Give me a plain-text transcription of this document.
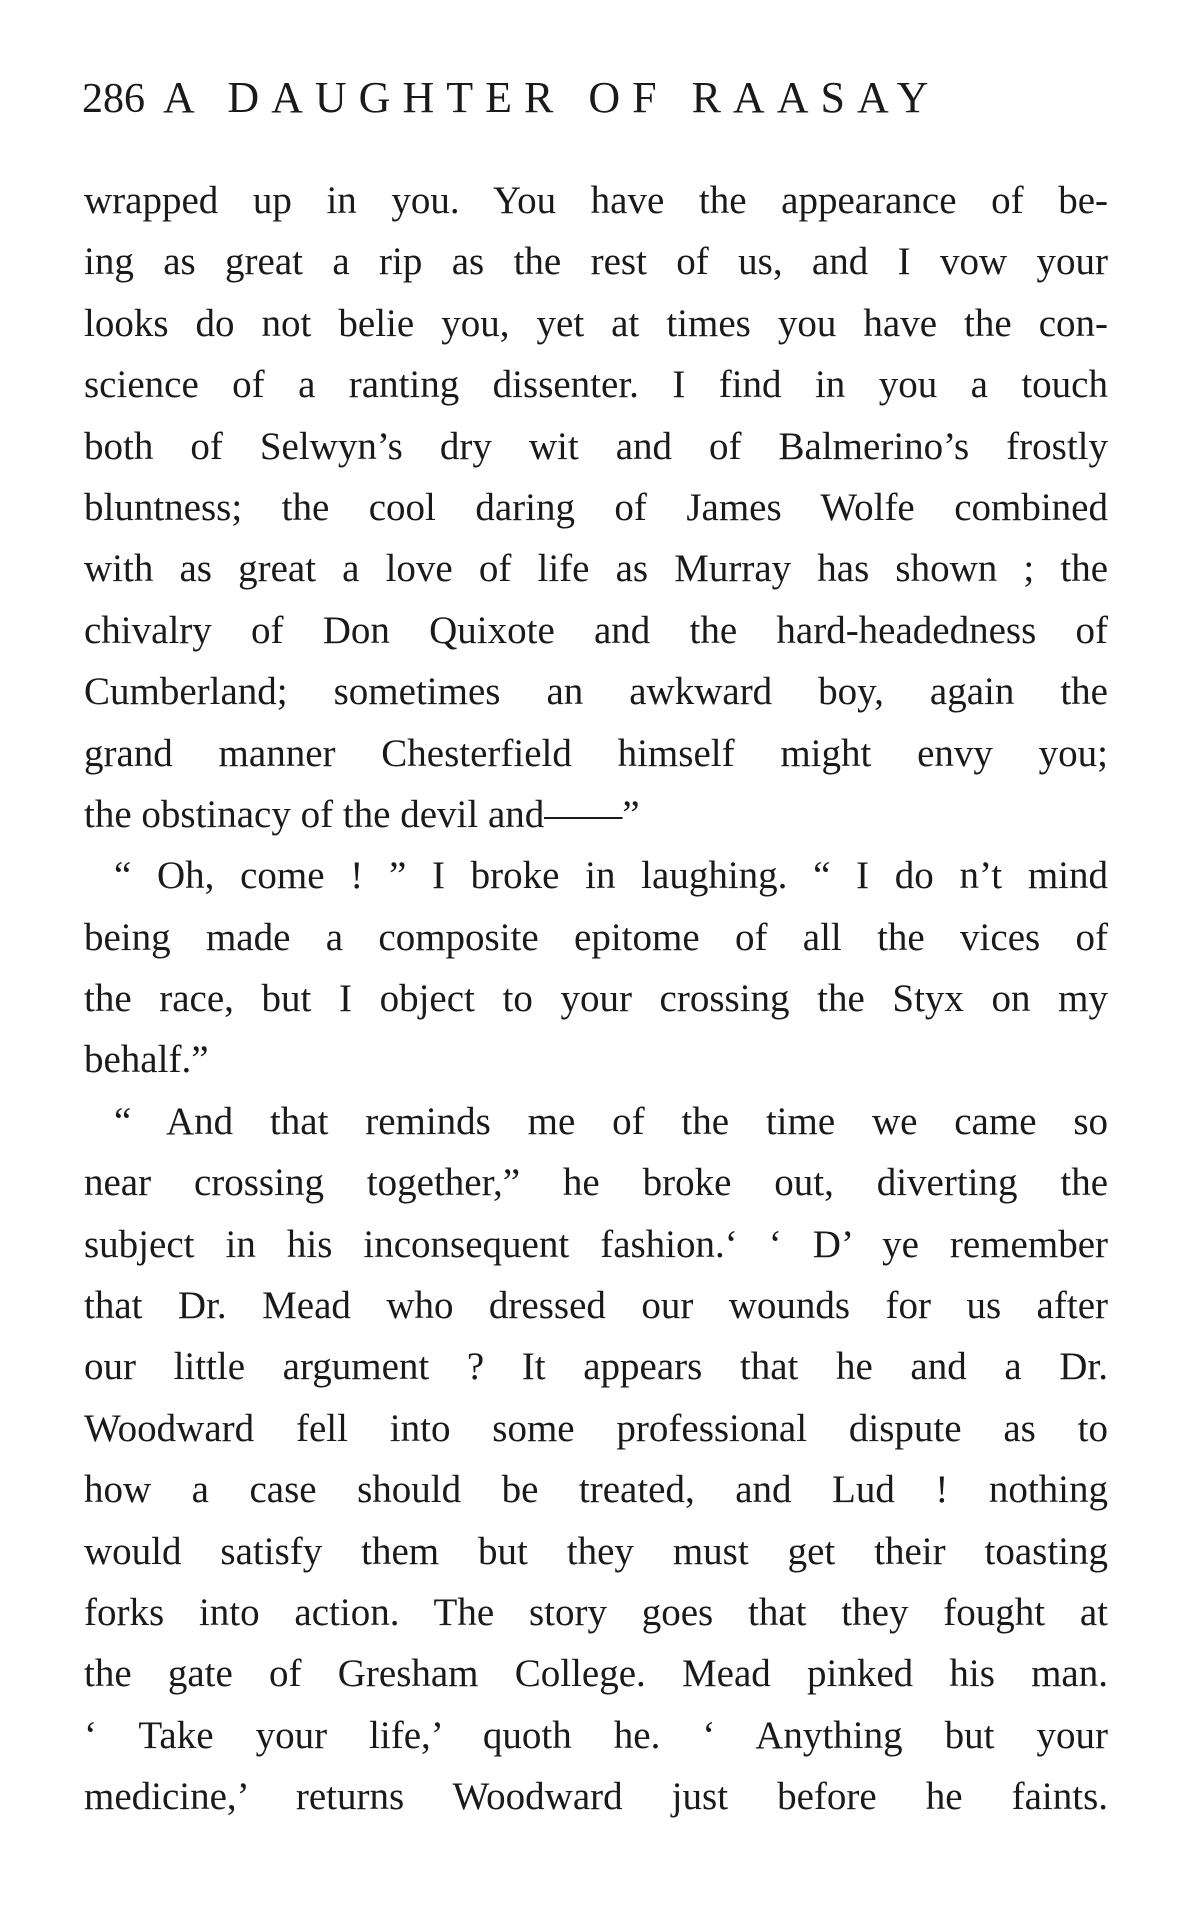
286 A DAUGHTER OF RAASAY
wrapped up in you. You have the appearance of be-
ing as great a rip as the rest of us, and I vow your
looks do not belie you, yet at times you have the con-
science of a ranting dissenter. I find in you a touch
both of Selwyn’s dry wit and of Balmerino’s frostly
bluntness; the cool daring of James Wolfe combined
with as great a love of life as Murray has shown ; the
chivalry of Don Quixote and the hard-headedness of
Cumberland; sometimes an awkward boy, again the
grand manner Chesterfield himself might envy you;
the obstinacy of the devil and——”
“ Oh, come ! ” I broke in laughing. “ I do n’t mind
being made a composite epitome of all the vices of
the race, but I object to your crossing the Styx on my
behalf.”
“ And that reminds me of the time we came so
near crossing together,” he broke out, diverting the
subject in his inconsequent fashion.‘ ‘ D’ ye remember
that Dr. Mead who dressed our wounds for us after
our little argument ? It appears that he and a Dr.
Woodward fell into some professional dispute as to
how a case should be treated, and Lud ! nothing
would satisfy them but they must get their toasting
forks into action. The story goes that they fought at
the gate of Gresham College. Mead pinked his man.
‘ Take your life,’ quoth he. ‘ Anything but your
medicine,’ returns Woodward just before he faints.
